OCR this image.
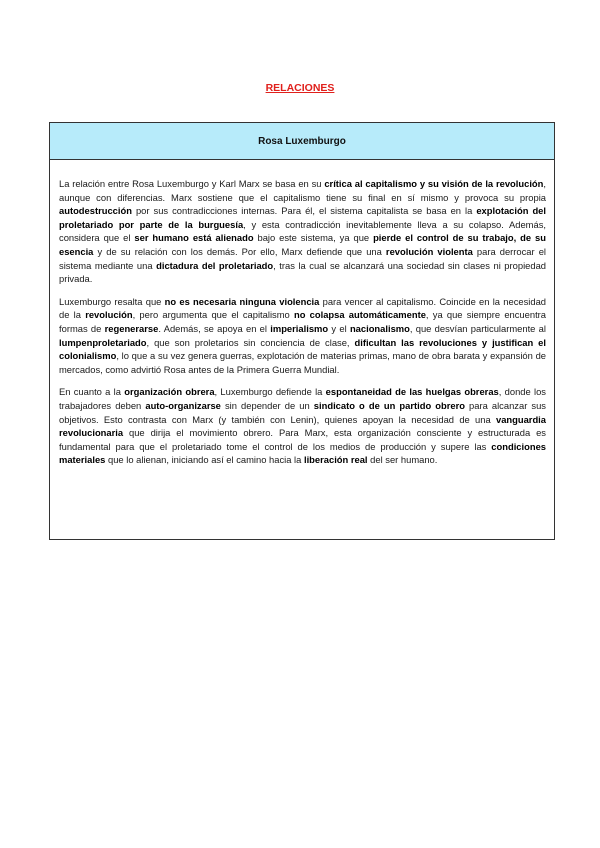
RELACIONES
Rosa Luxemburgo

La relación entre Rosa Luxemburgo y Karl Marx se basa en su crítica al capitalismo y su visión de la revolución, aunque con diferencias. Marx sostiene que el capitalismo tiene su final en sí mismo y provoca su propia autodestrucción por sus contradicciones internas. Para él, el sistema capitalista se basa en la explotación del proletariado por parte de la burguesía, y esta contradicción inevitablemente lleva a su colapso. Además, considera que el ser humano está alienado bajo este sistema, ya que pierde el control de su trabajo, de su esencia y de su relación con los demás. Por ello, Marx defiende que una revolución violenta para derrocar el sistema mediante una dictadura del proletariado, tras la cual se alcanzará una sociedad sin clases ni propiedad privada.

Luxemburgo resalta que no es necesaria ninguna violencia para vencer al capitalismo. Coincide en la necesidad de la revolución, pero argumenta que el capitalismo no colapsa automáticamente, ya que siempre encuentra formas de regenerarse. Además, se apoya en el imperialismo y el nacionalismo, que desvían particularmente al lumpenproletariado, que son proletarios sin conciencia de clase, dificultan las revoluciones y justifican el colonialismo, lo que a su vez genera guerras, explotación de materias primas, mano de obra barata y expansión de mercados, como advirtió Rosa antes de la Primera Guerra Mundial.

En cuanto a la organización obrera, Luxemburgo defiende la espontaneidad de las huelgas obreras, donde los trabajadores deben auto-organizarse sin depender de un sindicato o de un partido obrero para alcanzar sus objetivos. Esto contrasta con Marx (y también con Lenin), quienes apoyan la necesidad de una vanguardia revolucionaria que dirija el movimiento obrero. Para Marx, esta organización consciente y estructurada es fundamental para que el proletariado tome el control de los medios de producción y supere las condiciones materiales que lo alienan, iniciando así el camino hacia la liberación real del ser humano.
